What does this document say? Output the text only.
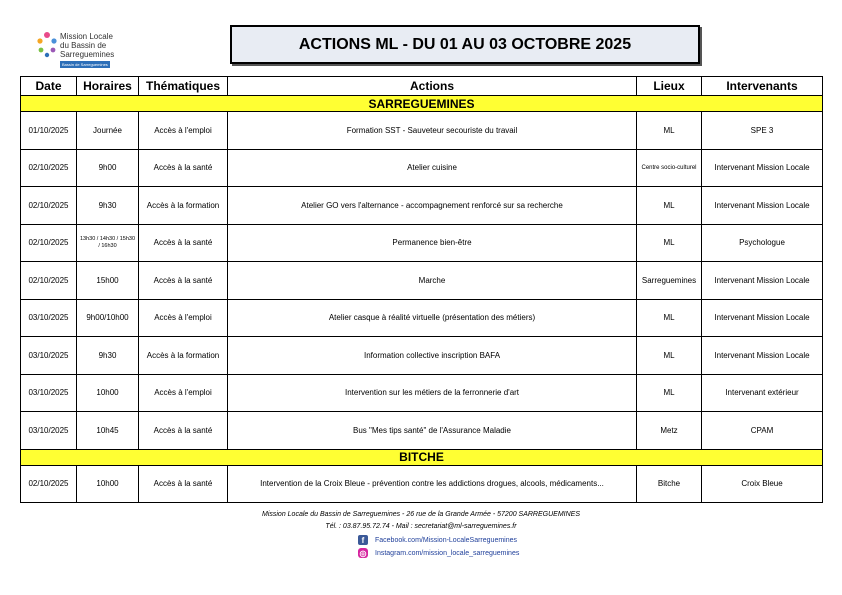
Mission Locale
du Bassin de
Sarreguemines
Bassin de Sarreguemines
ACTIONS ML - DU 01 AU 03 OCTOBRE 2025
Date	Horaires	Thématiques	Actions	Lieux	Intervenants
SARREGUEMINES					
01/10/2025	Journée	Accès à l'emploi	Formation SST - Sauveteur secouriste du travail	ML	SPE 3
02/10/2025	9h00	Accès à la santé	Atelier cuisine	Centre socio-culturel	Intervenant Mission Locale
02/10/2025	9h30	Accès à la formation	Atelier GO vers l'alternance - accompagnement renforcé sur sa recherche	ML	Intervenant Mission Locale
02/10/2025	13h30 / 14h30 / 15h30 / 16h30	Accès à la santé	Permanence bien-être	ML	Psychologue
02/10/2025	15h00	Accès à la santé	Marche	Sarreguemines	Intervenant Mission Locale
03/10/2025	9h00/10h00	Accès à l'emploi	Atelier casque à réalité virtuelle (présentation des métiers)	ML	Intervenant Mission Locale
03/10/2025	9h30	Accès à la formation	Information collective inscription BAFA	ML	Intervenant Mission Locale
03/10/2025	10h00	Accès à l'emploi	Intervention sur les métiers de la ferronnerie d'art	ML	Intervenant extérieur
03/10/2025	10h45	Accès à la santé	Bus "Mes tips santé" de l'Assurance Maladie	Metz	CPAM
BITCHE					
02/10/2025	10h00	Accès à la santé	Intervention de la Croix Bleue - prévention contre les addictions drogues, alcools, médicaments...	Bitche	Croix Bleue
Mission Locale du Bassin de Sarreguemines - 26 rue de la Grande Armée - 57200 SARREGUEMINES
Tél. : 03.87.95.72.74 - Mail : secretariat@ml-sarreguemines.fr
f	Facebook.com/Mission-LocaleSarreguemines
◎ Instagram.com/mission_locale_sarreguemines
